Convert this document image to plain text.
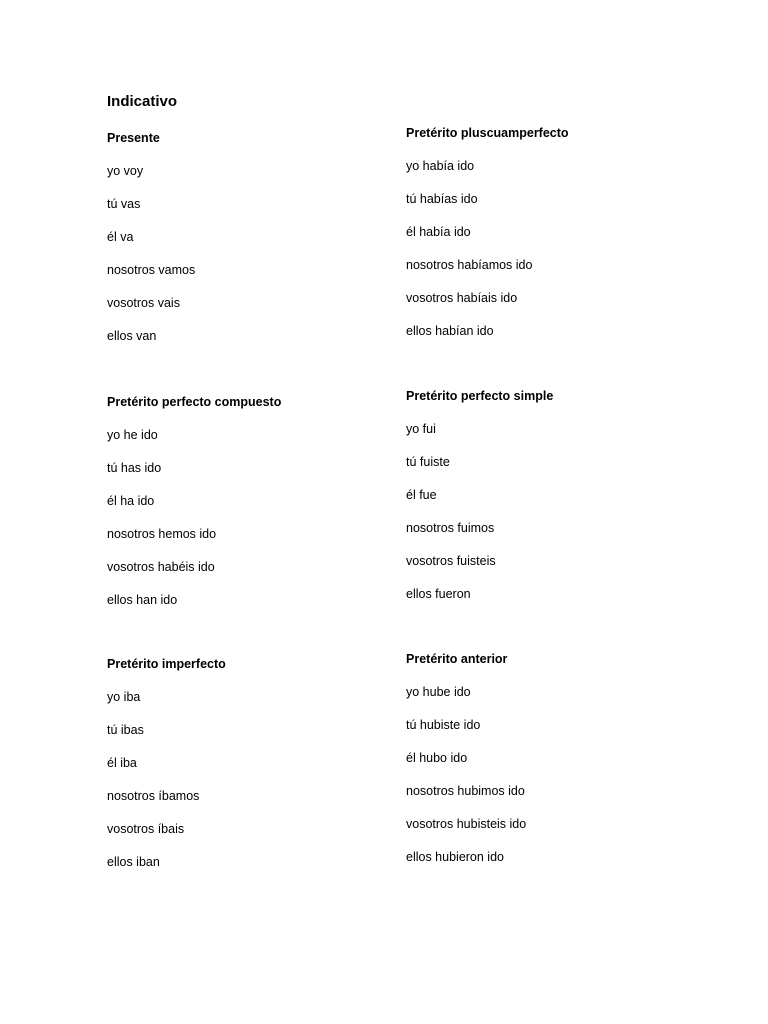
Indicativo
Presente
yo voy
tú vas
él va
nosotros vamos
vosotros vais
ellos van
Pretérito pluscuamperfecto
yo había ido
tú habías ido
él había ido
nosotros habíamos ido
vosotros habíais ido
ellos habían ido
Pretérito perfecto compuesto
yo he ido
tú has ido
él ha ido
nosotros hemos ido
vosotros habéis ido
ellos han ido
Pretérito perfecto simple
yo fui
tú fuiste
él fue
nosotros fuimos
vosotros fuisteis
ellos fueron
Pretérito imperfecto
yo iba
tú ibas
él iba
nosotros íbamos
vosotros íbais
ellos iban
Pretérito anterior
yo hube ido
tú hubiste ido
él hubo ido
nosotros hubimos ido
vosotros hubisteis ido
ellos hubieron ido
